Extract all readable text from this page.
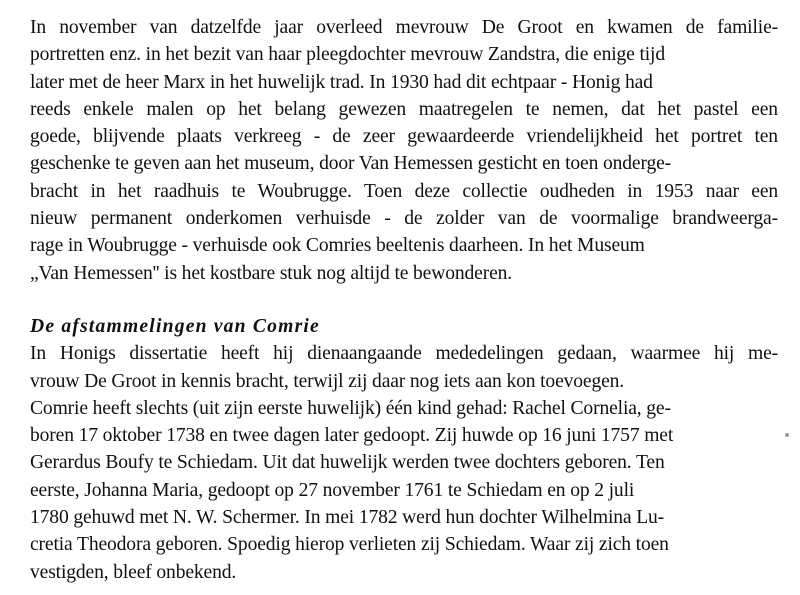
In november van datzelfde jaar overleed mevrouw De Groot en kwamen de familie-
portretten enz. in het bezit van haar pleegdochter mevrouw Zandstra, die enige tijd
later met de heer Marx in het huwelijk trad. In 1930 had dit echtpaar - Honig had
reeds enkele malen op het belang gewezen maatregelen te nemen, dat het pastel een
goede, blijvende plaats verkreeg - de zeer gewaardeerde vriendelijkheid het portret ten
geschenke te geven aan het museum, door Van Hemessen gesticht en toen onderge-
bracht in het raadhuis te Woubrugge. Toen deze collectie oudheden in 1953 naar een
nieuw permanent onderkomen verhuisde - de zolder van de voormalige brandweerga-
rage in Woubrugge - verhuisde ook Comries beeltenis daarheen. In het Museum
„Van Hemessen'' is het kostbare stuk nog altijd te bewonderen.
De afstammelingen van Comrie
In Honigs dissertatie heeft hij dienaangaande mededelingen gedaan, waarmee hij me-
vrouw De Groot in kennis bracht, terwijl zij daar nog iets aan kon toevoegen.
Comrie heeft slechts (uit zijn eerste huwelijk) één kind gehad: Rachel Cornelia, ge-
boren 17 oktober 1738 en twee dagen later gedoopt. Zij huwde op 16 juni 1757 met
Gerardus Boufy te Schiedam. Uit dat huwelijk werden twee dochters geboren. Ten
eerste, Johanna Maria, gedoopt op 27 november 1761 te Schiedam en op 2 juli
1780 gehuwd met N. W. Schermer. In mei 1782 werd hun dochter Wilhelmina Lu-
cretia Theodora geboren. Spoedig hierop verlieten zij Schiedam. Waar zij zich toen
vestigden, bleef onbekend.
